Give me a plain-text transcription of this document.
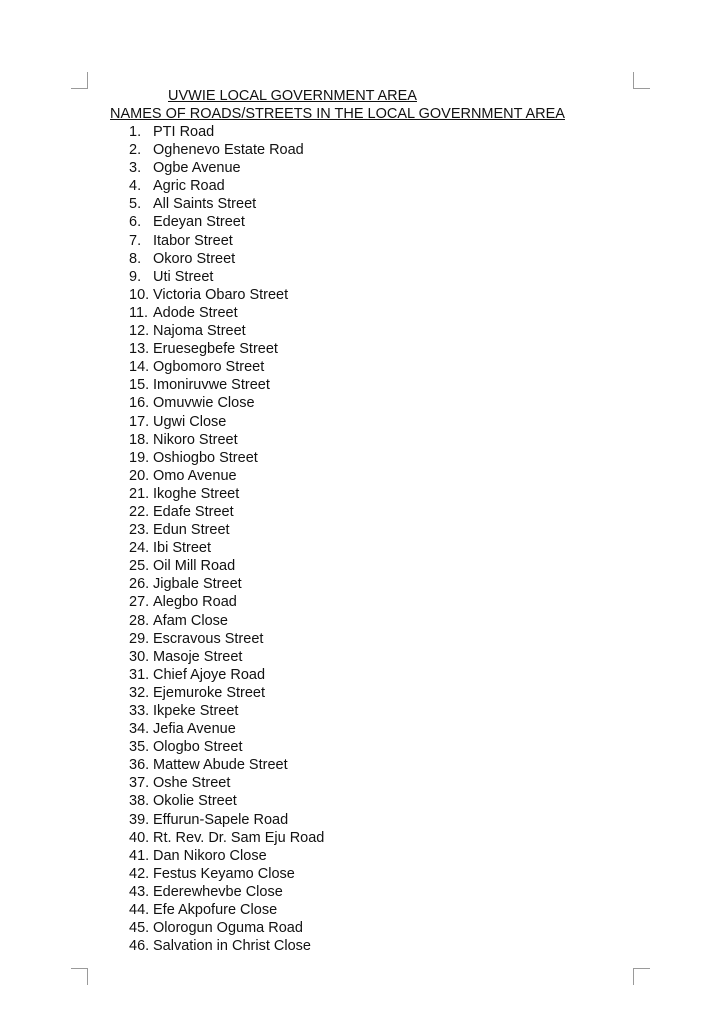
UVWIE LOCAL GOVERNMENT AREA
NAMES OF ROADS/STREETS IN THE LOCAL GOVERNMENT AREA
1. PTI Road
2. Oghenevo Estate Road
3. Ogbe Avenue
4. Agric Road
5. All Saints Street
6. Edeyan Street
7. Itabor Street
8. Okoro Street
9. Uti Street
10. Victoria Obaro Street
11. Adode Street
12. Najoma Street
13. Eruesegbefe Street
14. Ogbomoro Street
15. Imoniruvwe Street
16. Omuvwie Close
17. Ugwi Close
18. Nikoro Street
19. Oshiogbo Street
20. Omo Avenue
21. Ikoghe Street
22. Edafe Street
23. Edun Street
24. Ibi Street
25. Oil Mill Road
26. Jigbale Street
27. Alegbo Road
28. Afam Close
29. Escravous Street
30. Masoje Street
31. Chief Ajoye Road
32. Ejemuroke Street
33. Ikpeke Street
34. Jefia Avenue
35. Ologbo Street
36. Mattew Abude Street
37. Oshe Street
38. Okolie Street
39. Effurun-Sapele Road
40. Rt. Rev. Dr. Sam Eju Road
41. Dan Nikoro Close
42. Festus Keyamo Close
43. Ederewhevbe Close
44. Efe Akpofure Close
45. Olorogun Oguma Road
46. Salvation in Christ Close
